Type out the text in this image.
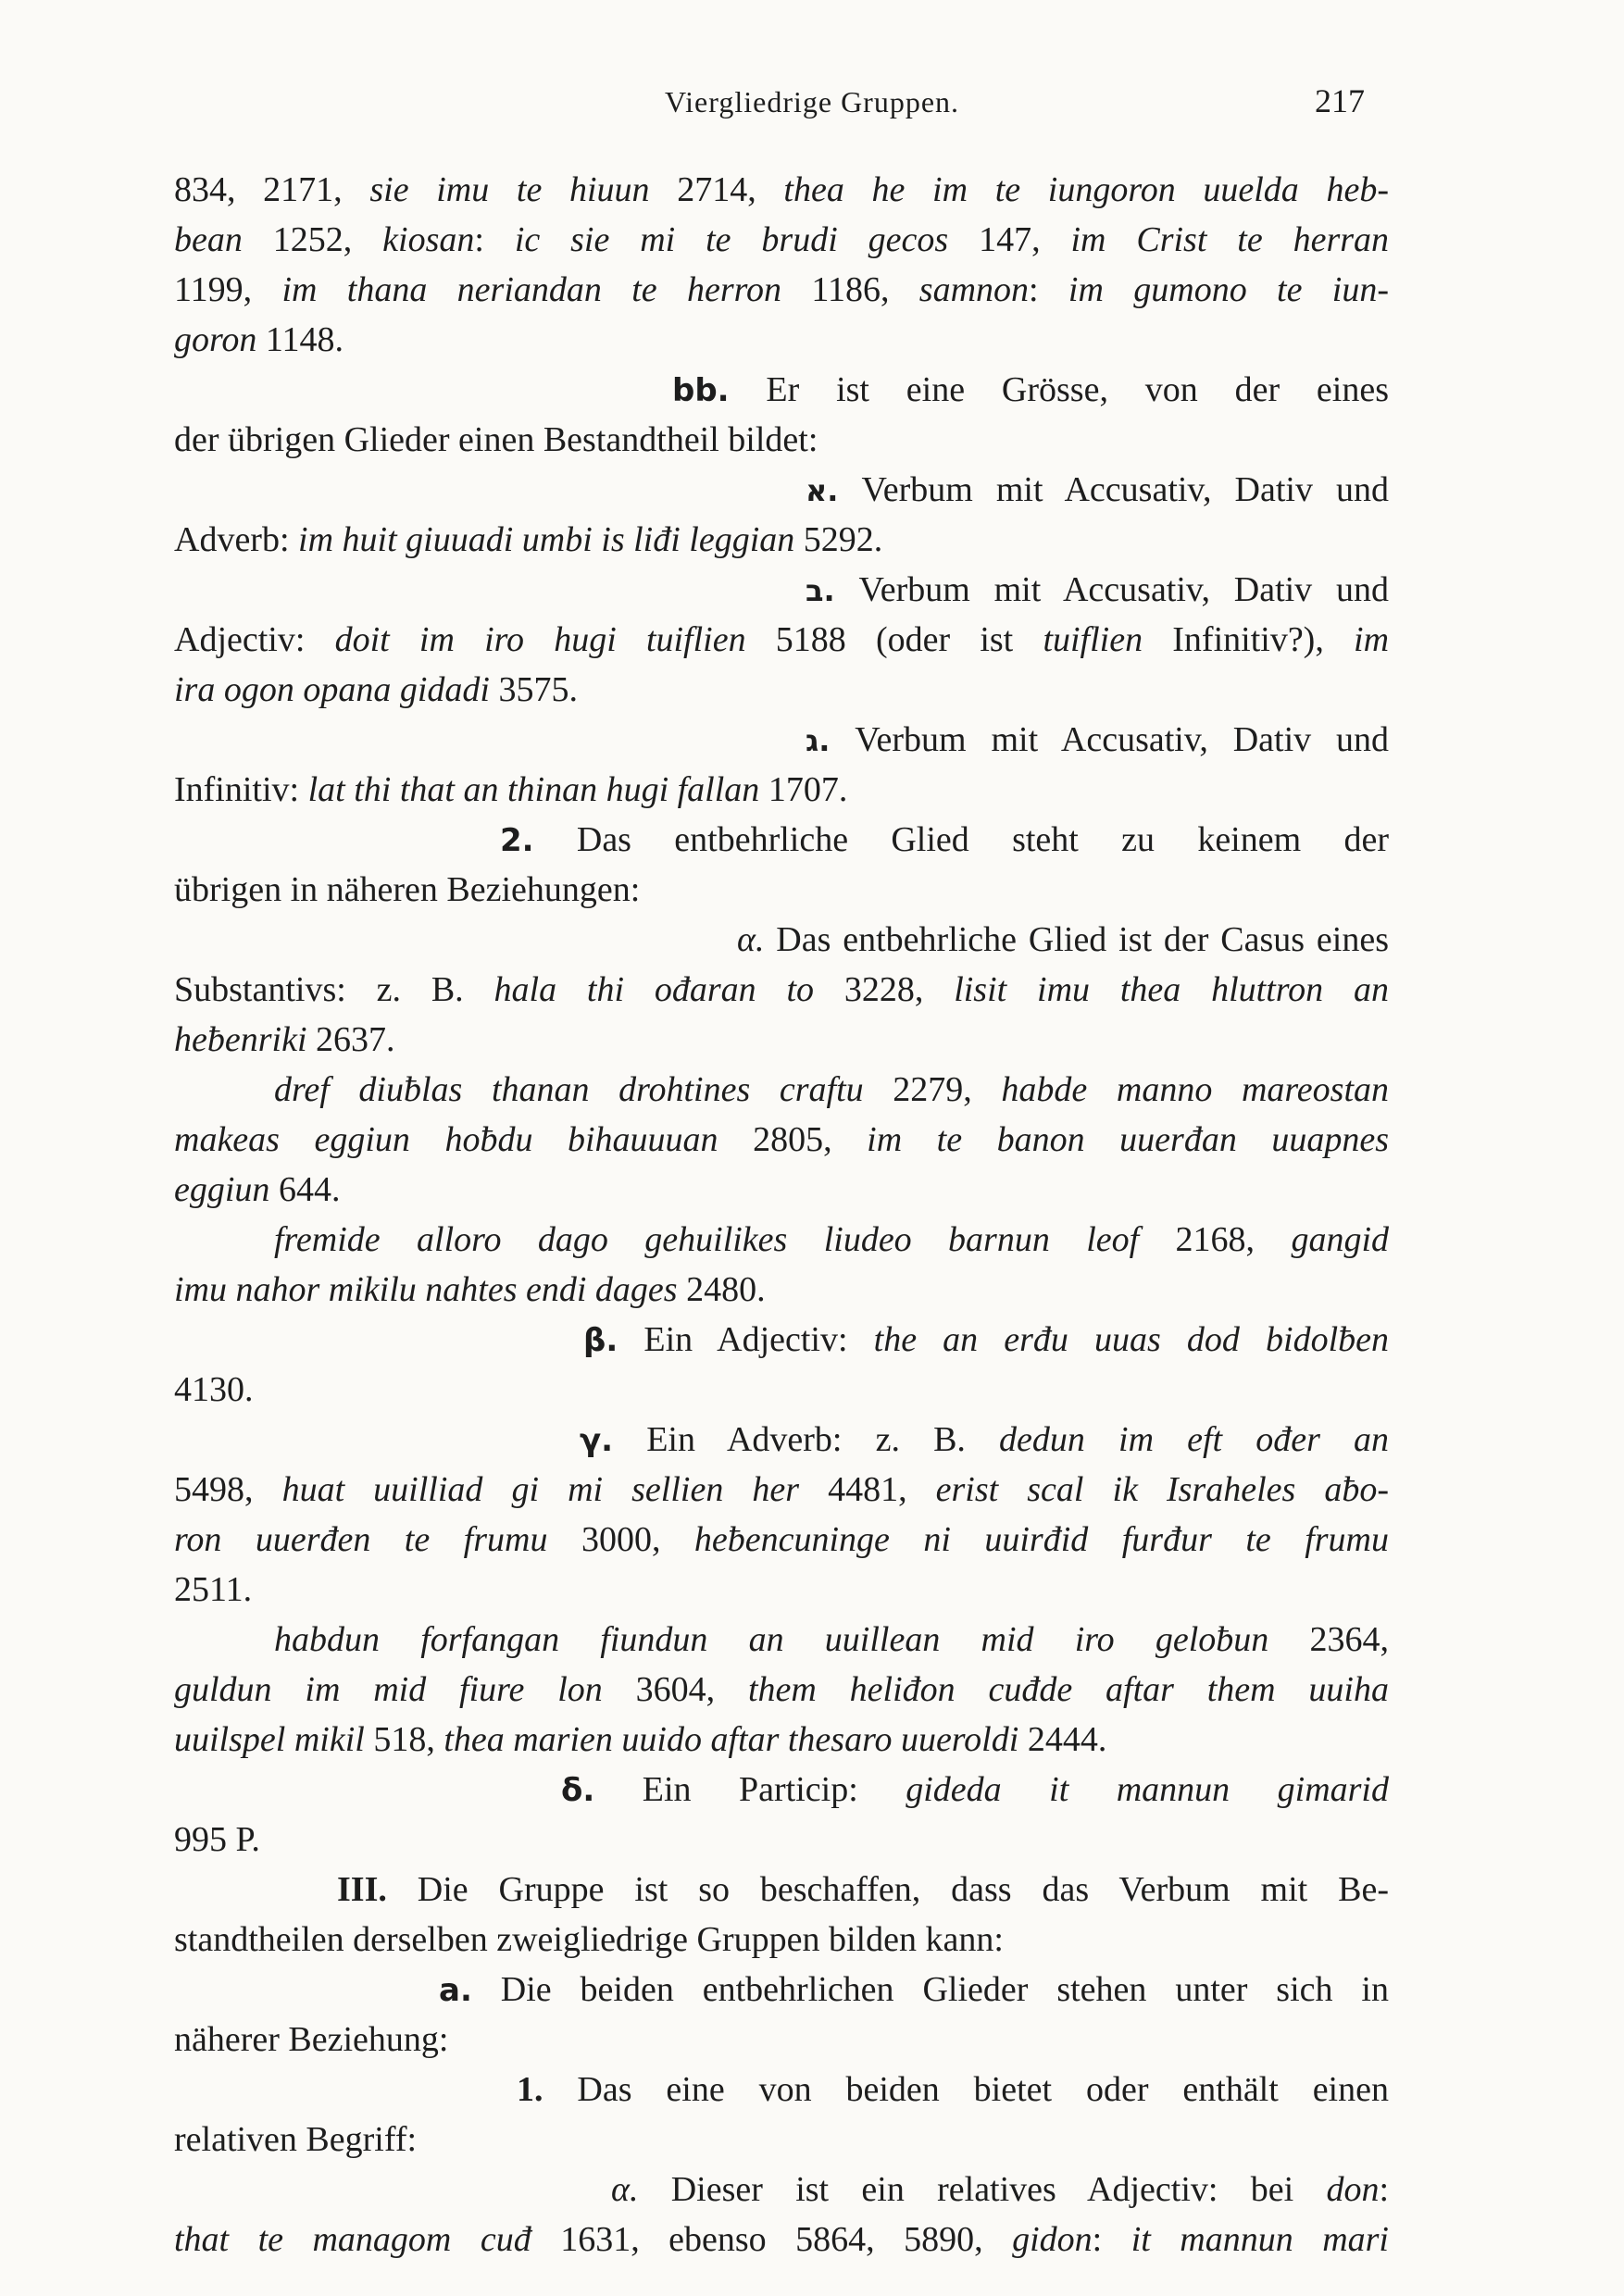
Viergliedrige Gruppen.	217
834, 2171, sie imu te hiuun 2714, thea he im te iungoron uuelda heb-
bean 1252, kiosan: ic sie mi te brudi gecos 147, im Crist te herran
1199, im thana neriandan te herron 1186, samnon: im gumono te iun-
goron 1148.
bb. Er ist eine Grösse, von der eines
der übrigen Glieder einen Bestandtheil bildet:
א. Verbum mit Accusativ, Dativ und
Adverb: im huit giuuadi umbi is liđi leggian 5292.
ב. Verbum mit Accusativ, Dativ und
Adjectiv: doit im iro hugi tuiflien 5188 (oder ist tuiflien Infinitiv?), im
ira ogon opana gidadi 3575.
ג. Verbum mit Accusativ, Dativ und
Infinitiv: lat thi that an thinan hugi fallan 1707.
2. Das entbehrliche Glied steht zu keinem der
übrigen in näheren Beziehungen:
α. Das entbehrliche Glied ist der Casus eines
Substantivs: z. B. hala thi ođaran to 3228, lisit imu thea hluttron an
heƀenriki 2637.
dref diuƀlas thanan drohtines craftu 2279, habde manno mareostan
makeas eggiun hoƀdu bihauuuan 2805, im te banon uuerđan uuapnes
eggiun 644.
fremide alloro dago gehuilikes liudeo barnun leof 2168, gangid
imu nahor mikilu nahtes endi dages 2480.
β. Ein Adjectiv: the an erđu uuas dod bidolƀen
4130.
γ. Ein Adverb: z. B. dedun im eft ođer an
5498, huat uuilliad gi mi sellien her 4481, erist scal ik Israheles aƀo-
ron uuerđen te frumu 3000, heƀencuninge ni uuirđid furđur te frumu
2511.
habdun forfangan fiundun an uuillean mid iro geloƀun 2364,
guldun im mid fiure lon 3604, them heliđon cuđde aftar them uuiha
uuilspel mikil 518, thea marien uuido aftar thesaro uueroldi 2444.
δ. Ein Particip: gideda it mannun gimarid
995 P.
III. Die Gruppe ist so beschaffen, dass das Verbum mit Be-
standtheilen derselben zweigliedrige Gruppen bilden kann:
a. Die beiden entbehrlichen Glieder stehen unter sich in
näherer Beziehung:
1. Das eine von beiden bietet oder enthält einen
relativen Begriff:
α. Dieser ist ein relatives Adjectiv: bei don:
that te managom cuđ 1631, ebenso 5864, 5890, gidon: it mannun mari
